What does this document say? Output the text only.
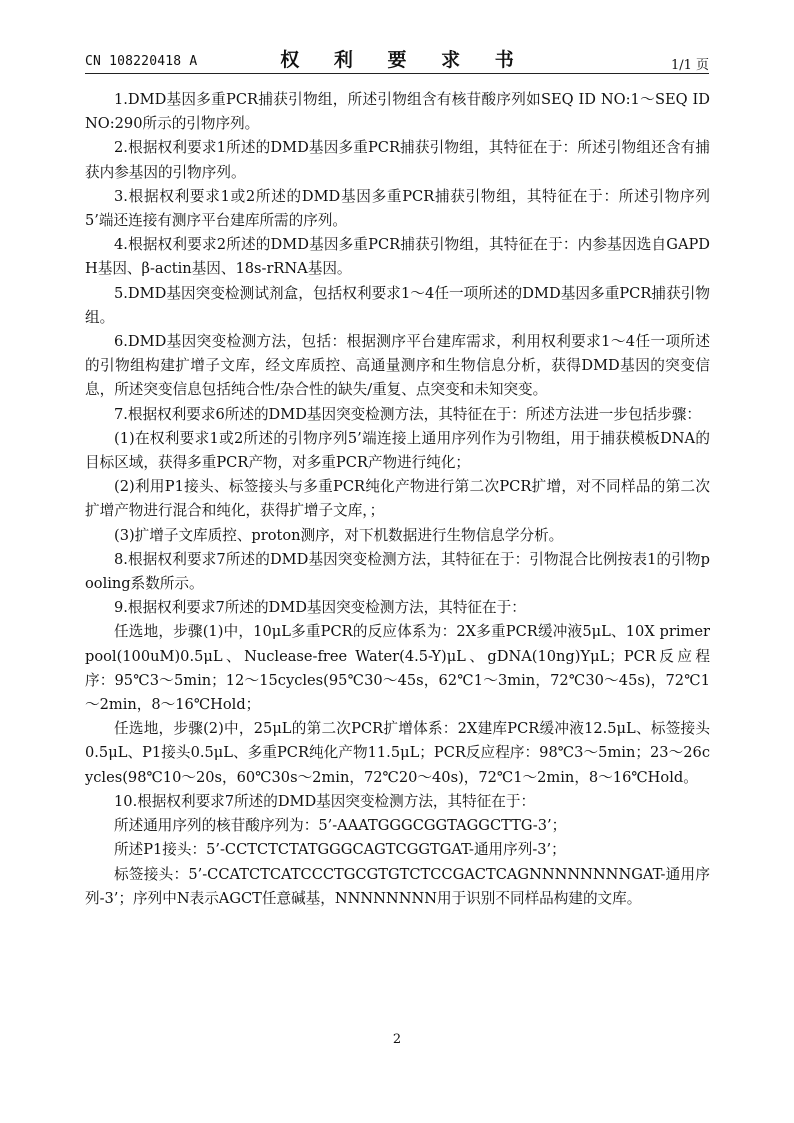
CN 108220418 A	权 利 要 求 书	1/1 页

1.DMD基因多重PCR捕获引物组，所述引物组含有核苷酸序列如SEQ ID NO:1～SEQ ID NO:290所示的引物序列。

2.根据权利要求1所述的DMD基因多重PCR捕获引物组，其特征在于：所述引物组还含有捕获内参基因的引物序列。

3.根据权利要求1或2所述的DMD基因多重PCR捕获引物组，其特征在于：所述引物序列5’端还连接有测序平台建库所需的序列。

4.根据权利要求2所述的DMD基因多重PCR捕获引物组，其特征在于：内参基因选自GAPDH基因、β-actin基因、18s-rRNA基因。

5.DMD基因突变检测试剂盒，包括权利要求1～4任一项所述的DMD基因多重PCR捕获引物组。

6.DMD基因突变检测方法，包括：根据测序平台建库需求，利用权利要求1～4任一项所述的引物组构建扩增子文库，经文库质控、高通量测序和生物信息分析，获得DMD基因的突变信息，所述突变信息包括纯合性/杂合性的缺失/重复、点突变和未知突变。

7.根据权利要求6所述的DMD基因突变检测方法，其特征在于：所述方法进一步包括步骤：

(1)在权利要求1或2所述的引物序列5’端连接上通用序列作为引物组，用于捕获模板DNA的目标区域，获得多重PCR产物，对多重PCR产物进行纯化；

(2)利用P1接头、标签接头与多重PCR纯化产物进行第二次PCR扩增，对不同样品的第二次扩增产物进行混合和纯化，获得扩增子文库，；

(3)扩增子文库质控、proton测序，对下机数据进行生物信息学分析。

8.根据权利要求7所述的DMD基因突变检测方法，其特征在于：引物混合比例按表1的引物pooling系数所示。

9.根据权利要求7所述的DMD基因突变检测方法，其特征在于：

任选地，步骤(1)中，10μL多重PCR的反应体系为：2X多重PCR缓冲液5μL、10X primer pool(100uM)0.5μL、Nuclease-free Water(4.5-Y)μL、gDNA(10ng)YμL；PCR反应程序：95℃3～5min；12～15cycles(95℃30～45s，62℃1～3min，72℃30～45s)，72℃1～2min，8～16℃Hold；

任选地，步骤(2)中，25μL的第二次PCR扩增体系：2X建库PCR缓冲液12.5μL、标签接头0.5μL、P1接头0.5μL、多重PCR纯化产物11.5μL；PCR反应程序：98℃3～5min；23～26cycles(98℃10～20s，60℃30s～2min，72℃20～40s)，72℃1～2min，8～16℃Hold。

10.根据权利要求7所述的DMD基因突变检测方法，其特征在于：

所述通用序列的核苷酸序列为：5’-AAATGGGCGGTAGGCTTG-3’；

所述P1接头：5’-CCTCTCTATGGGCAGTCGGTGAT-通用序列-3’；

标签接头：5’-CCATCTCATCCCTGCGTGTCTCCGACTCAGNNNNNNNNGAT-通用序列-3’；序列中N表示AGCT任意碱基，NNNNNNNN用于识别不同样品构建的文库。

2
